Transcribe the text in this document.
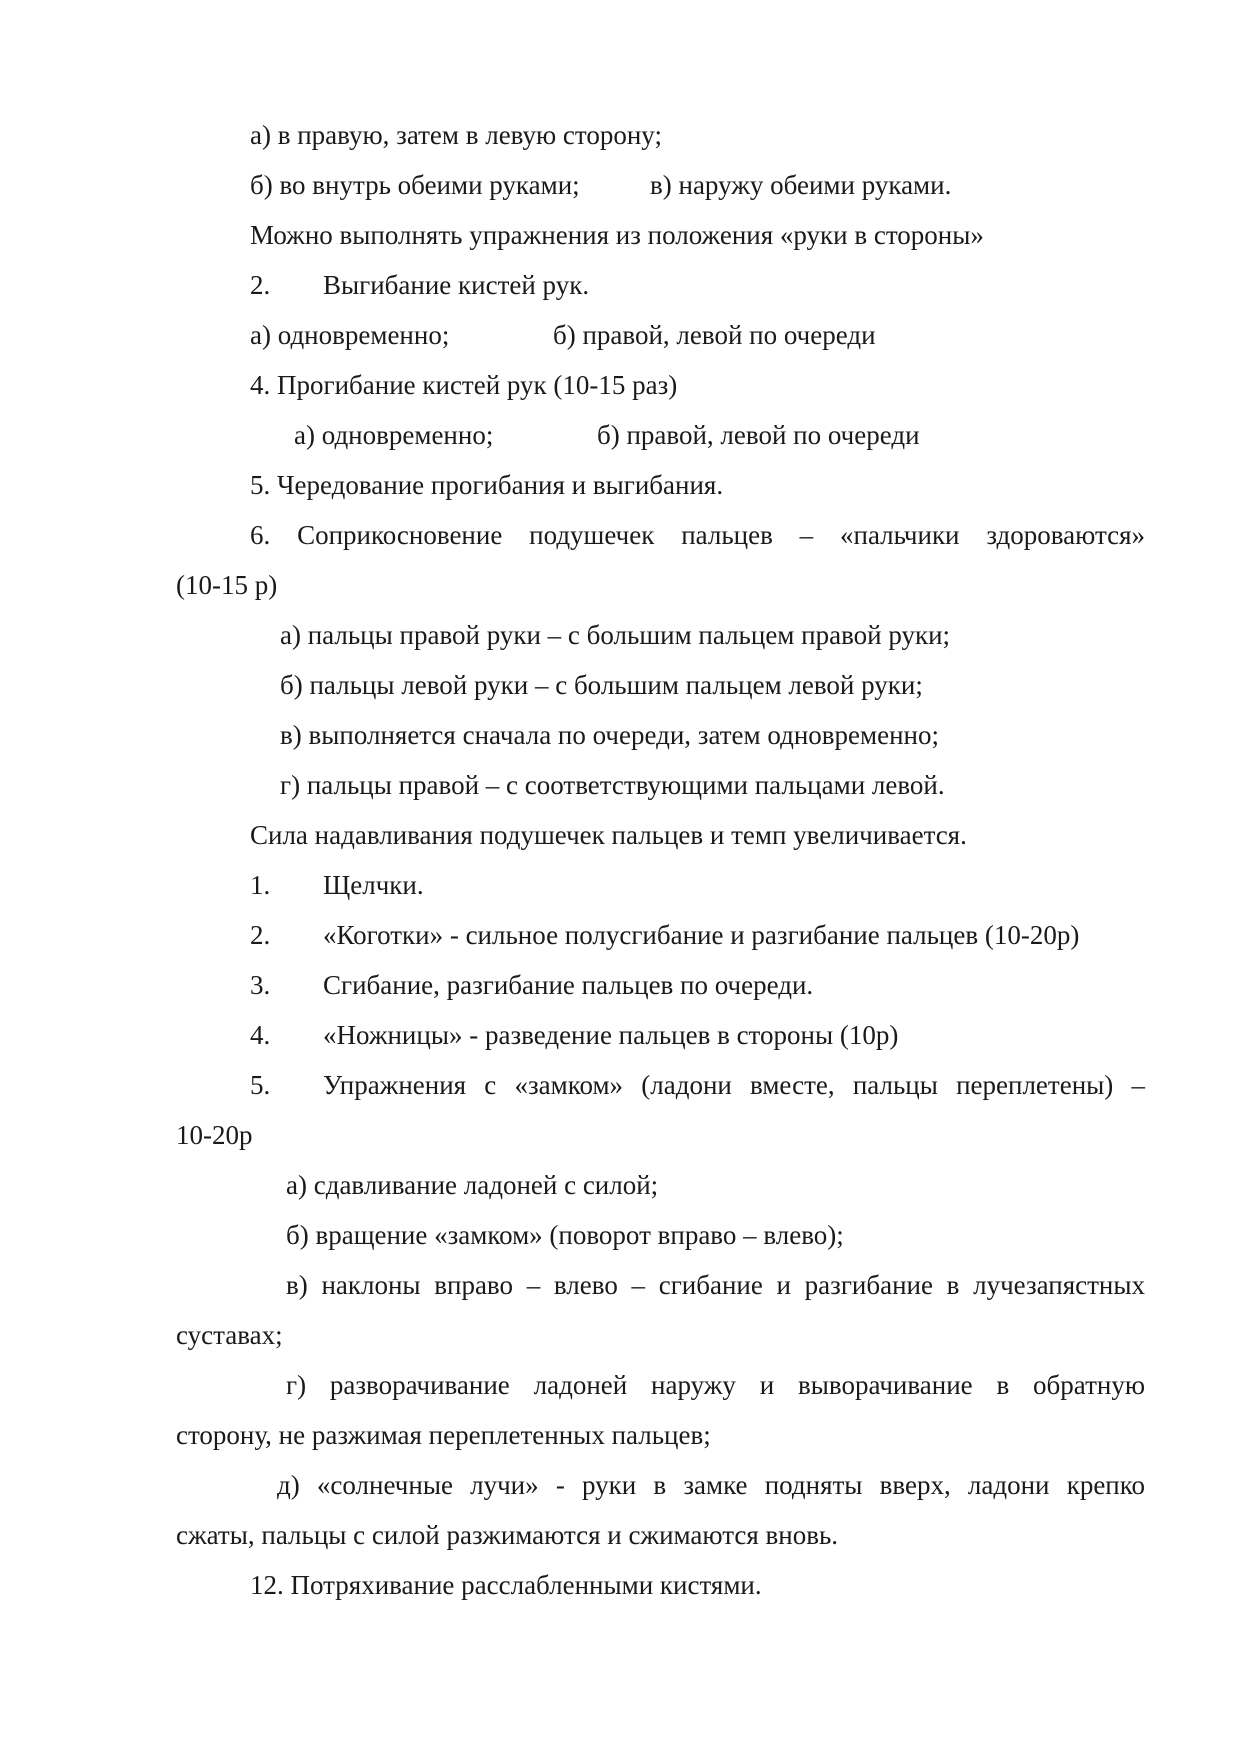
а) в правую, затем в левую сторону;
б) во внутрь обеими руками;	в) наружу обеими руками.
Можно выполнять упражнения из положения «руки в стороны»
2. Выгибание кистей рук.
а) одновременно;	б) правой, левой по очереди
4. Прогибание кистей рук (10-15 раз)
а) одновременно;	б) правой, левой по очереди
5. Чередование прогибания и выгибания.
6. Соприкосновение подушечек пальцев – «пальчики здороваются»
(10-15 р)
а) пальцы правой руки – с большим пальцем правой руки;
б) пальцы левой руки – с большим пальцем левой руки;
в) выполняется сначала по очереди, затем одновременно;
г) пальцы правой – с соответствующими пальцами левой.
Сила надавливания подушечек пальцев и темп увеличивается.
1. Щелчки.
2. «Коготки» - сильное полусгибание и разгибание пальцев (10-20р)
3. Сгибание, разгибание пальцев по очереди.
4. «Ножницы» - разведение пальцев в стороны (10р)
5. Упражнения с «замком» (ладони вместе, пальцы переплетены) –
10-20р
а) сдавливание ладоней с силой;
б) вращение «замком» (поворот вправо – влево);
в) наклоны вправо – влево – сгибание и разгибание в лучезапястных
суставах;
г) разворачивание ладоней наружу и выворачивание в обратную
сторону, не разжимая переплетенных пальцев;
д) «солнечные лучи» - руки в замке подняты вверх, ладони крепко
сжаты, пальцы с силой разжимаются и сжимаются вновь.
12. Потряхивание расслабленными кистями.
